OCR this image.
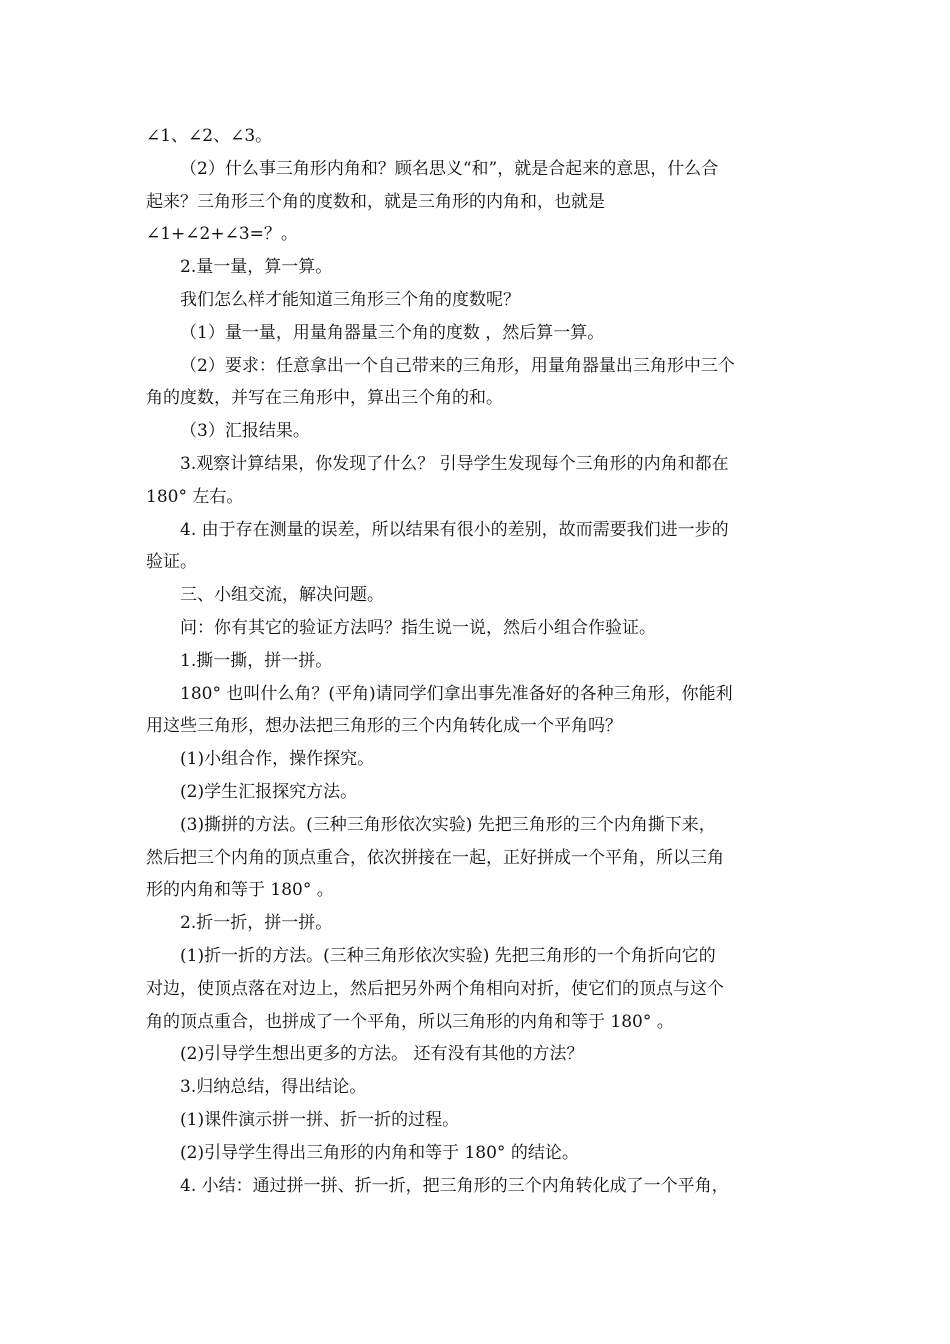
∠1、∠2、∠3。
（2）什么事三角形内角和？顾名思义“和”，就是合起来的意思，什么合
起来？三角形三个角的度数和，就是三角形的内角和，也就是
∠1+∠2+∠3=？。
2.量一量，算一算。
我们怎么样才能知道三角形三个角的度数呢？
（1）量一量，用量角器量三个角的度数 ，然后算一算。
（2）要求：任意拿出一个自己带来的三角形，用量角器量出三角形中三个
角的度数，并写在三角形中，算出三个角的和。
（3）汇报结果。
3.观察计算结果，你发现了什么？ 引导学生发现每个三角形的内角和都在
180° 左右。
4. 由于存在测量的误差，所以结果有很小的差别，故而需要我们进一步的
验证。
三、小组交流，解决问题。
问：你有其它的验证方法吗？指生说一说，然后小组合作验证。
1.撕一撕，拼一拼。
180° 也叫什么角？(平角)请同学们拿出事先准备好的各种三角形，你能利
用这些三角形，想办法把三角形的三个内角转化成一个平角吗？
(1)小组合作，操作探究。
(2)学生汇报探究方法。
(3)撕拼的方法。(三种三角形依次实验) 先把三角形的三个内角撕下来，
然后把三个内角的顶点重合，依次拼接在一起，正好拼成一个平角，所以三角
形的内角和等于 180° 。
2.折一折，拼一拼。
(1)折一折的方法。(三种三角形依次实验) 先把三角形的一个角折向它的
对边，使顶点落在对边上，然后把另外两个角相向对折，使它们的顶点与这个
角的顶点重合，也拼成了一个平角，所以三角形的内角和等于 180° 。
(2)引导学生想出更多的方法。 还有没有其他的方法？
3.归纳总结，得出结论。
(1)课件演示拼一拼、折一折的过程。
(2)引导学生得出三角形的内角和等于 180° 的结论。
4. 小结：通过拼一拼、折一折，把三角形的三个内角转化成了一个平角，
